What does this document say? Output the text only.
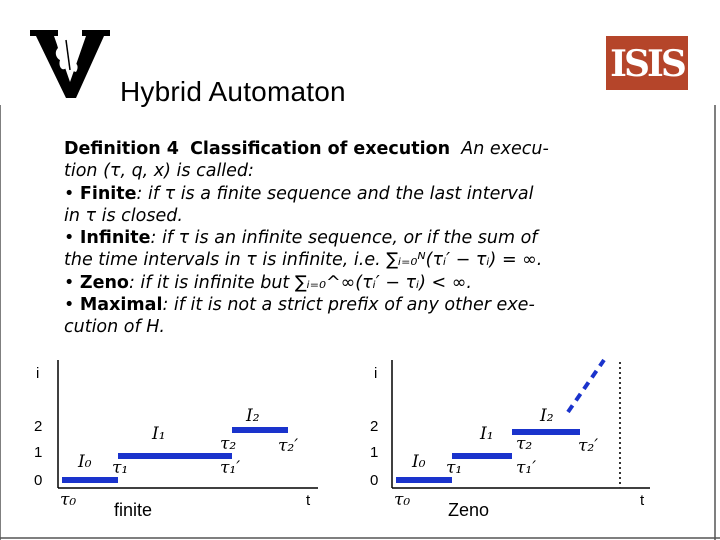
ISIS
Hybrid Automaton
Definition 4 Classification of execution An execu-
tion (τ, q, x) is called:
• Finite: if τ is a finite sequence and the last interval
in τ is closed.
• Infinite: if τ is an infinite sequence, or if the sum of
the time intervals in τ is infinite, i.e. ∑ᵢ₌₀ᴺ(τᵢ′ − τᵢ) = ∞.
• Zeno: if it is infinite but ∑ᵢ₌₀^∞(τᵢ′ − τᵢ) < ∞.
• Maximal: if it is not a strict prefix of any other exe-
cution of H.
i
2
1
0
t
finite
I₀
I₁
I₂
τ₀
τ₁
τ₂
τ₁′
τ₂′
i
2
1
0
t
Zeno
I₀
I₁
I₂
τ₀
τ₁
τ₂
τ₁′
τ₂′
